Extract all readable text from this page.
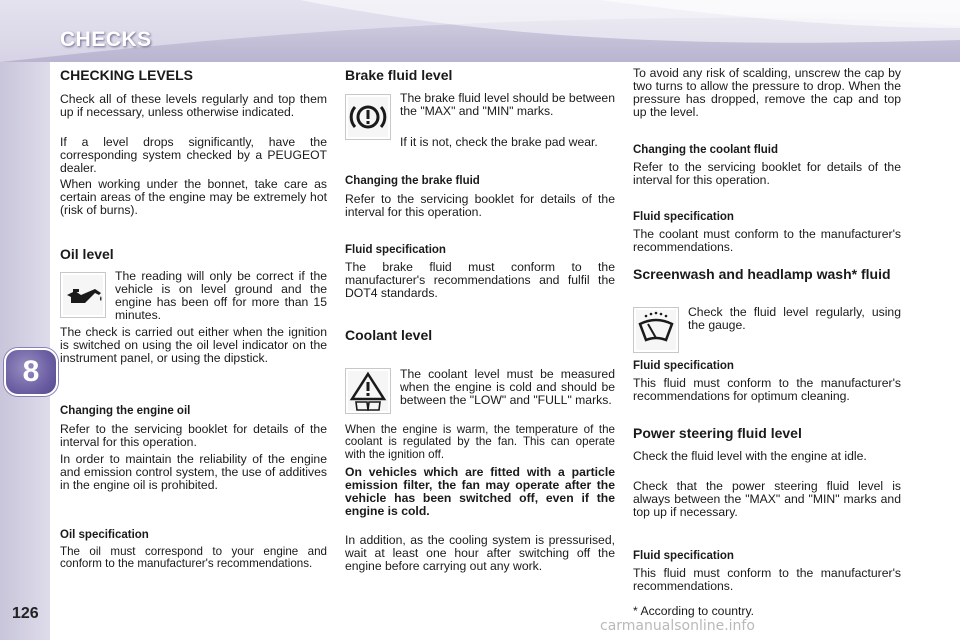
CHECKS
8
126
CHECKING LEVELS

Check all of these levels regularly and top them up if necessary, unless otherwise indicated.

If a level drops significantly, have the corresponding system checked by a PEUGEOT dealer.

When working under the bonnet, take care as certain areas of the engine may be extremely hot (risk of burns).

Oil level

The reading will only be correct if the vehicle is on level ground and the engine has been off for more than 15 minutes.

The check is carried out either when the ignition is switched on using the oil level indicator on the instrument panel, or using the dipstick.

Changing the engine oil

Refer to the servicing booklet for details of the interval for this operation.

In order to maintain the reliability of the engine and emission control system, the use of additives in the engine oil is prohibited.

Oil specification

The oil must correspond to your engine and conform to the manufacturer's recommendations.

Brake fluid level

The brake fluid level should be between the "MAX" and "MIN" marks.

If it is not, check the brake pad wear.

Changing the brake fluid

Refer to the servicing booklet for details of the interval for this operation.

Fluid specification

The brake fluid must conform to the manufacturer's recommendations and fulfil the DOT4 standards.

Coolant level

The coolant level must be measured when the engine is cold and should be between the "LOW" and "FULL" marks.

When the engine is warm, the temperature of the coolant is regulated by the fan. This can operate with the ignition off.

On vehicles which are fitted with a particle emission filter, the fan may operate after the vehicle has been switched off, even if the engine is cold.

In addition, as the cooling system is pressurised, wait at least one hour after switching off the engine before carrying out any work.

To avoid any risk of scalding, unscrew the cap by two turns to allow the pressure to drop. When the pressure has dropped, remove the cap and top up the level.

Changing the coolant fluid

Refer to the servicing booklet for details of the interval for this operation.

Fluid specification

The coolant must conform to the manufacturer's recommendations.

Screenwash and headlamp wash* fluid

Check the fluid level regularly, using the gauge.

Fluid specification

This fluid must conform to the manufacturer's recommendations for optimum cleaning.

Power steering fluid level

Check the fluid level with the engine at idle.

Check that the power steering fluid level is always between the "MAX" and "MIN" marks and top up if necessary.

Fluid specification

This fluid must conform to the manufacturer's recommendations.

* According to country.

carmanualsonline.info
